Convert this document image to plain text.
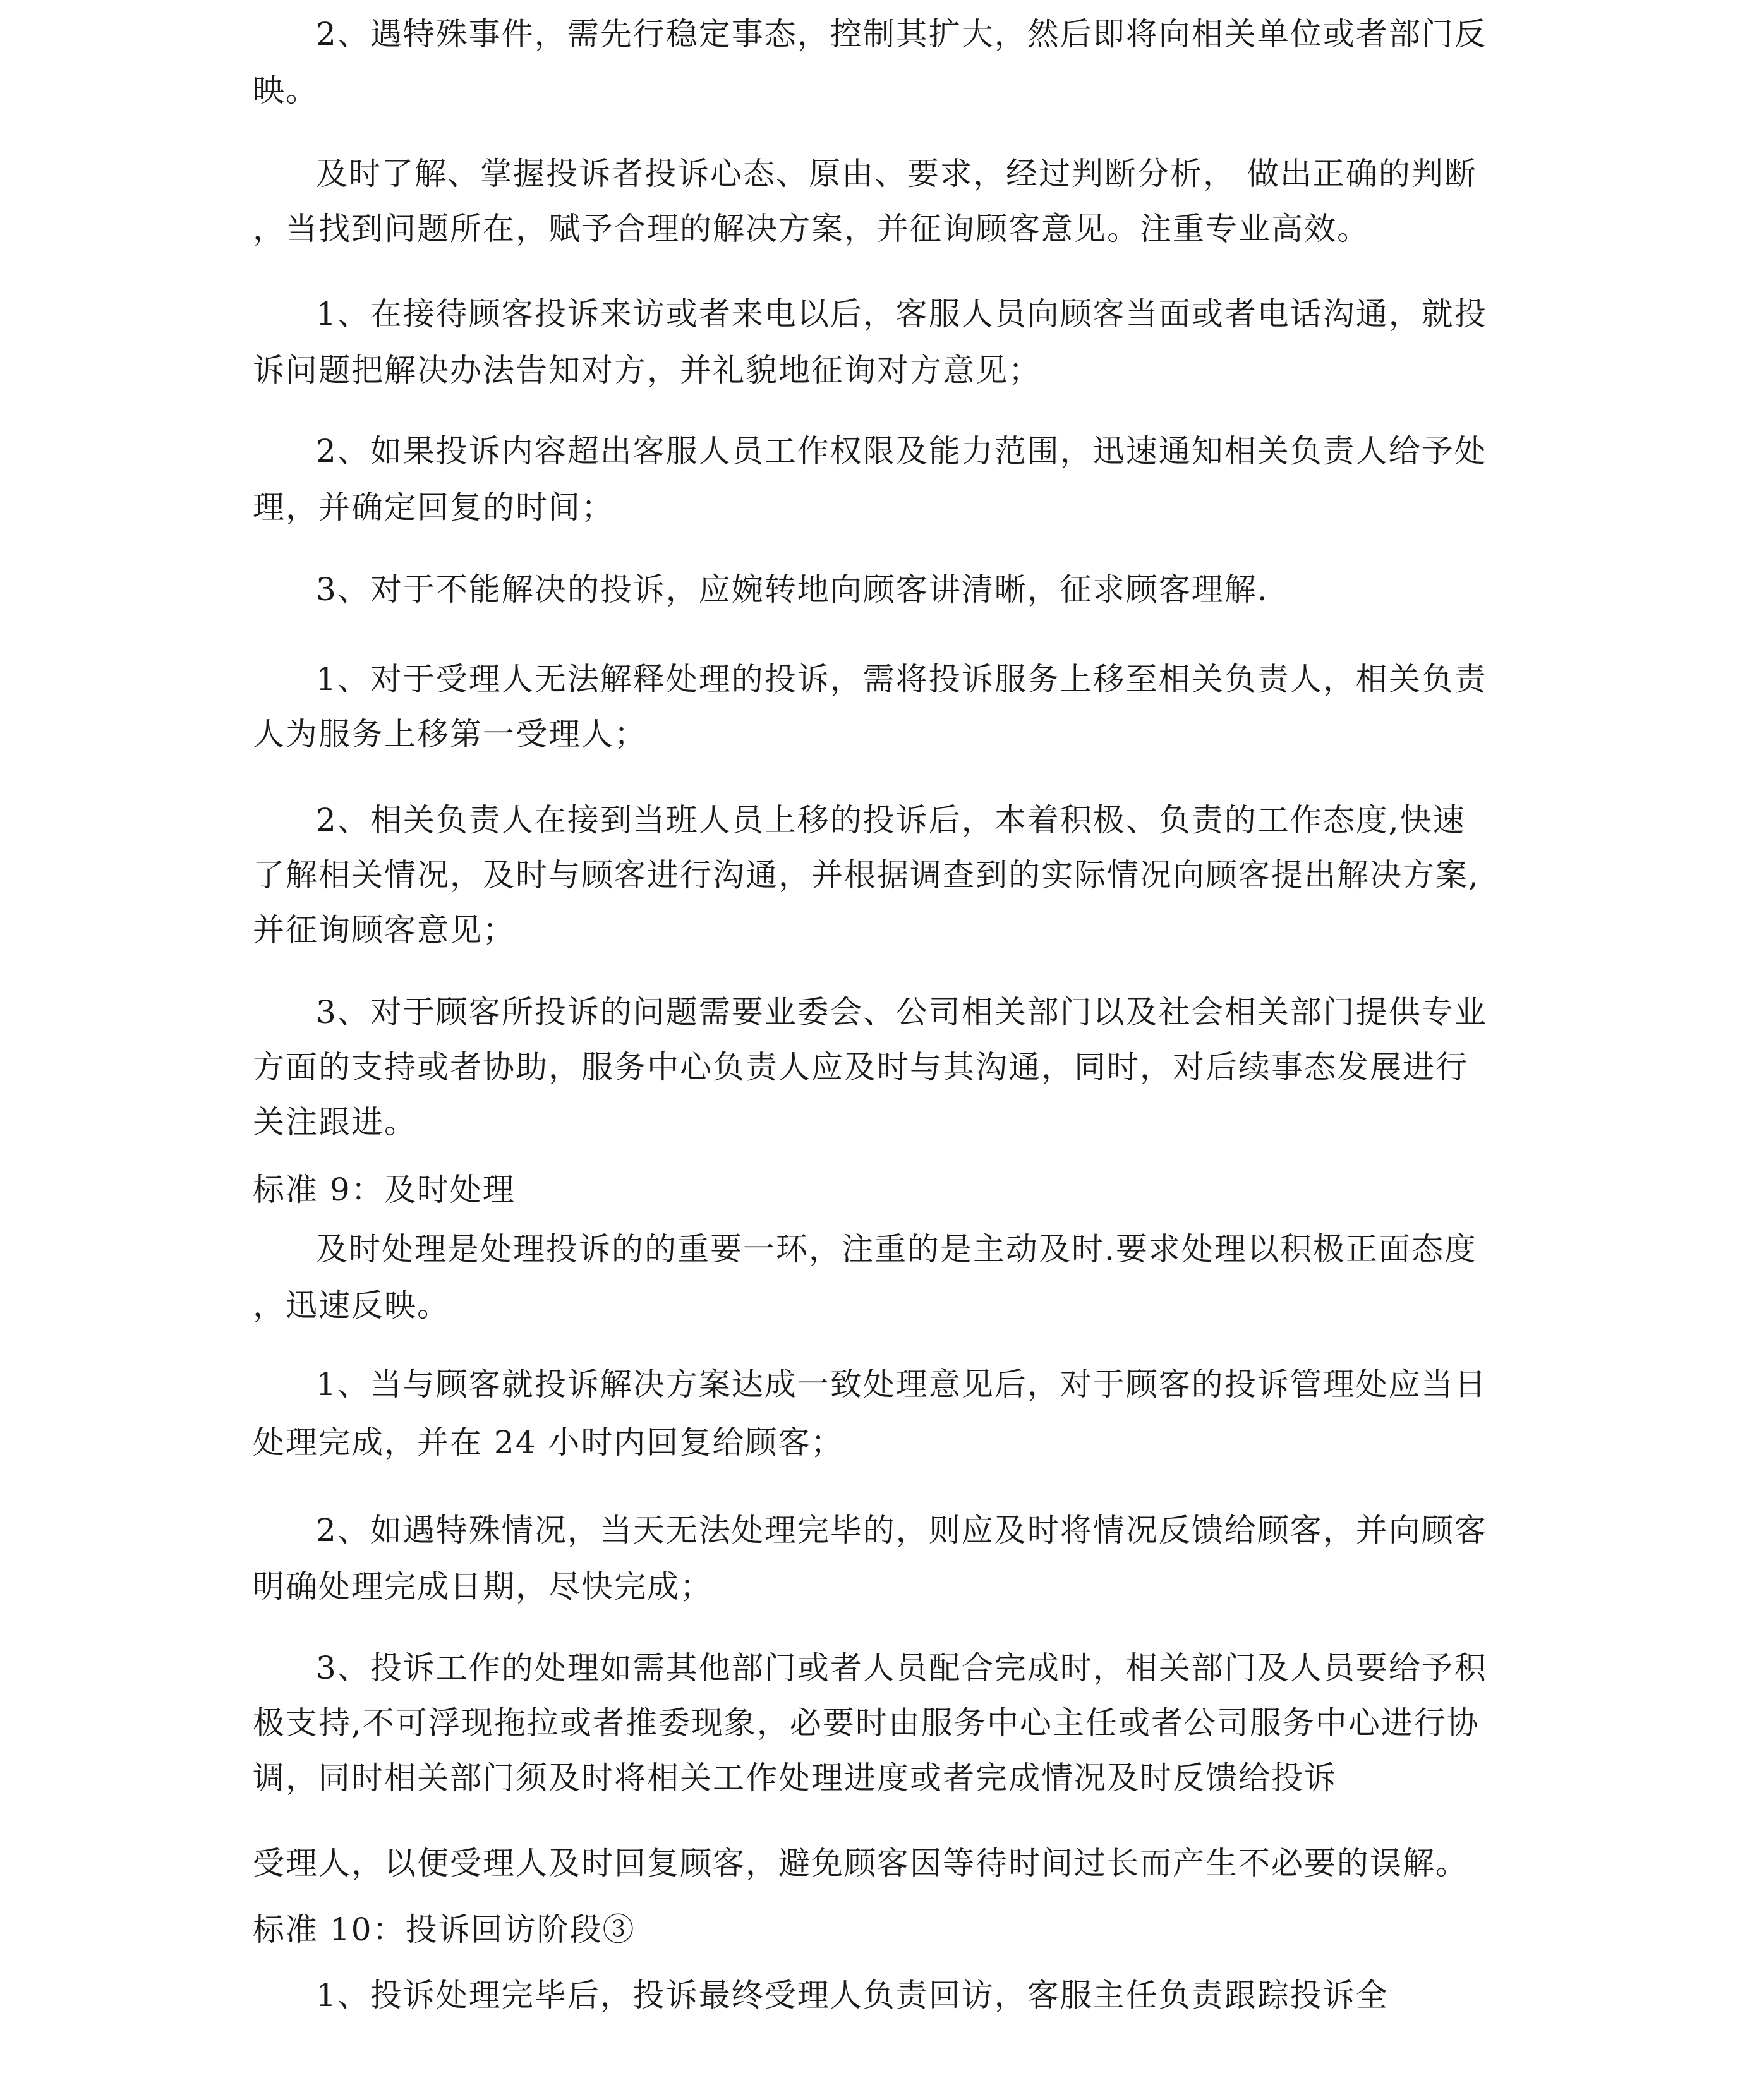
2、遇特殊事件，需先行稳定事态，控制其扩大，然后即将向相关单位或者部门反
映。
及时了解、掌握投诉者投诉心态、原由、要求，经过判断分析， 做出正确的判断
，当找到问题所在，赋予合理的解决方案，并征询顾客意见。注重专业高效。
1、在接待顾客投诉来访或者来电以后，客服人员向顾客当面或者电话沟通，就投
诉问题把解决办法告知对方，并礼貌地征询对方意见；
2、如果投诉内容超出客服人员工作权限及能力范围，迅速通知相关负责人给予处
理，并确定回复的时间；
3、对于不能解决的投诉，应婉转地向顾客讲清晰，征求顾客理解.
1、对于受理人无法解释处理的投诉，需将投诉服务上移至相关负责人，相关负责
人为服务上移第一受理人；
2、相关负责人在接到当班人员上移的投诉后，本着积极、负责的工作态度,快速
了解相关情况，及时与顾客进行沟通，并根据调查到的实际情况向顾客提出解决方案,
并征询顾客意见；
3、对于顾客所投诉的问题需要业委会、公司相关部门以及社会相关部门提供专业
方面的支持或者协助，服务中心负责人应及时与其沟通，同时，对后续事态发展进行
关注跟进。
标准 9：及时处理
及时处理是处理投诉的的重要一环，注重的是主动及时.要求处理以积极正面态度
，迅速反映。
1、当与顾客就投诉解决方案达成一致处理意见后，对于顾客的投诉管理处应当日
处理完成，并在 24 小时内回复给顾客；
2、如遇特殊情况，当天无法处理完毕的，则应及时将情况反馈给顾客，并向顾客
明确处理完成日期，尽快完成；
3、投诉工作的处理如需其他部门或者人员配合完成时，相关部门及人员要给予积
极支持,不可浮现拖拉或者推委现象，必要时由服务中心主任或者公司服务中心进行协
调，同时相关部门须及时将相关工作处理进度或者完成情况及时反馈给投诉
受理人，以便受理人及时回复顾客，避免顾客因等待时间过长而产生不必要的误解。
标准 10：投诉回访阶段③
1、投诉处理完毕后，投诉最终受理人负责回访，客服主任负责跟踪投诉全
